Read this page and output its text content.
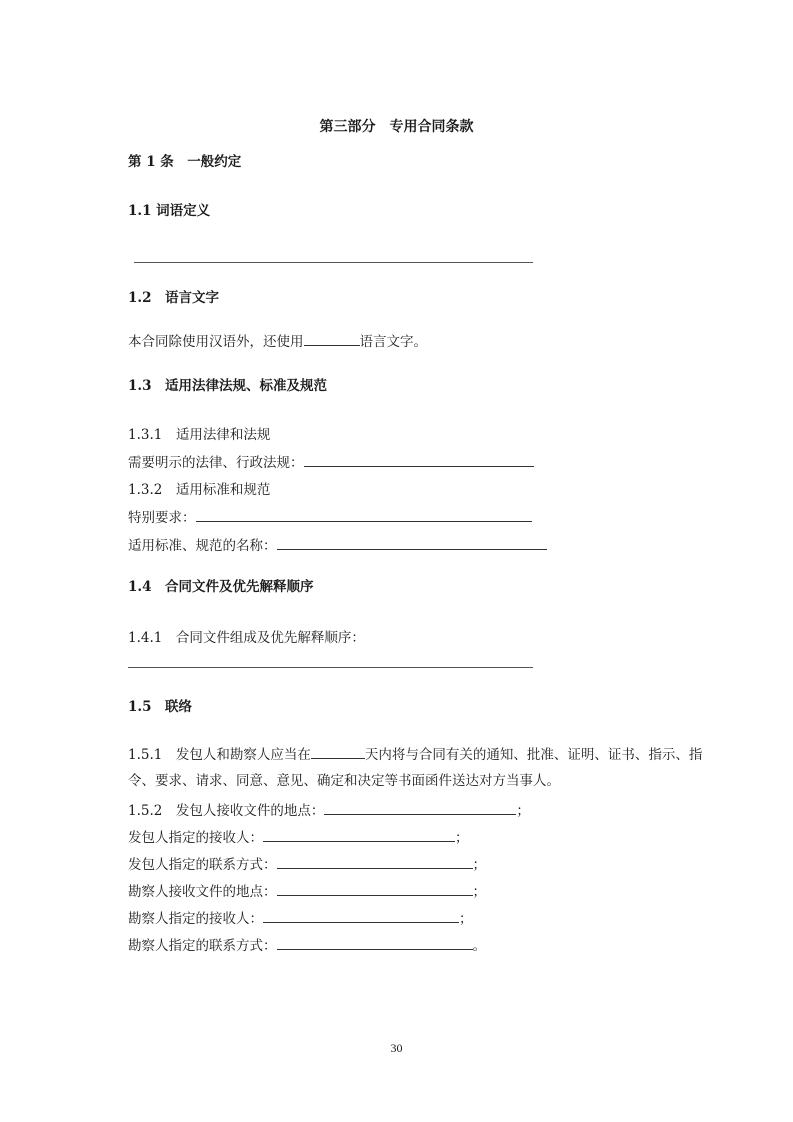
第三部分　专用合同条款
第 1 条　一般约定
1.1 词语定义
1.2　语言文字
本合同除使用汉语外，还使用	语言文字。
1.3　适用法律法规、标准及规范
1.3.1　适用法律和法规
需要明示的法律、行政法规：
1.3.2　适用标准和规范
特别要求：
适用标准、规范的名称：
1.4　合同文件及优先解释顺序
1.4.1　合同文件组成及优先解释顺序：
1.5　联络
1.5.1　发包人和勘察人应当在	天内将与合同有关的通知、批准、证明、证书、指示、指
令、要求、请求、同意、意见、确定和决定等书面函件送达对方当事人。
1.5.2　发包人接收文件的地点：	；
发包人指定的接收人：	；
发包人指定的联系方式：	；
勘察人接收文件的地点：	；
勘察人指定的接收人：	；
勘察人指定的联系方式：	。
30
